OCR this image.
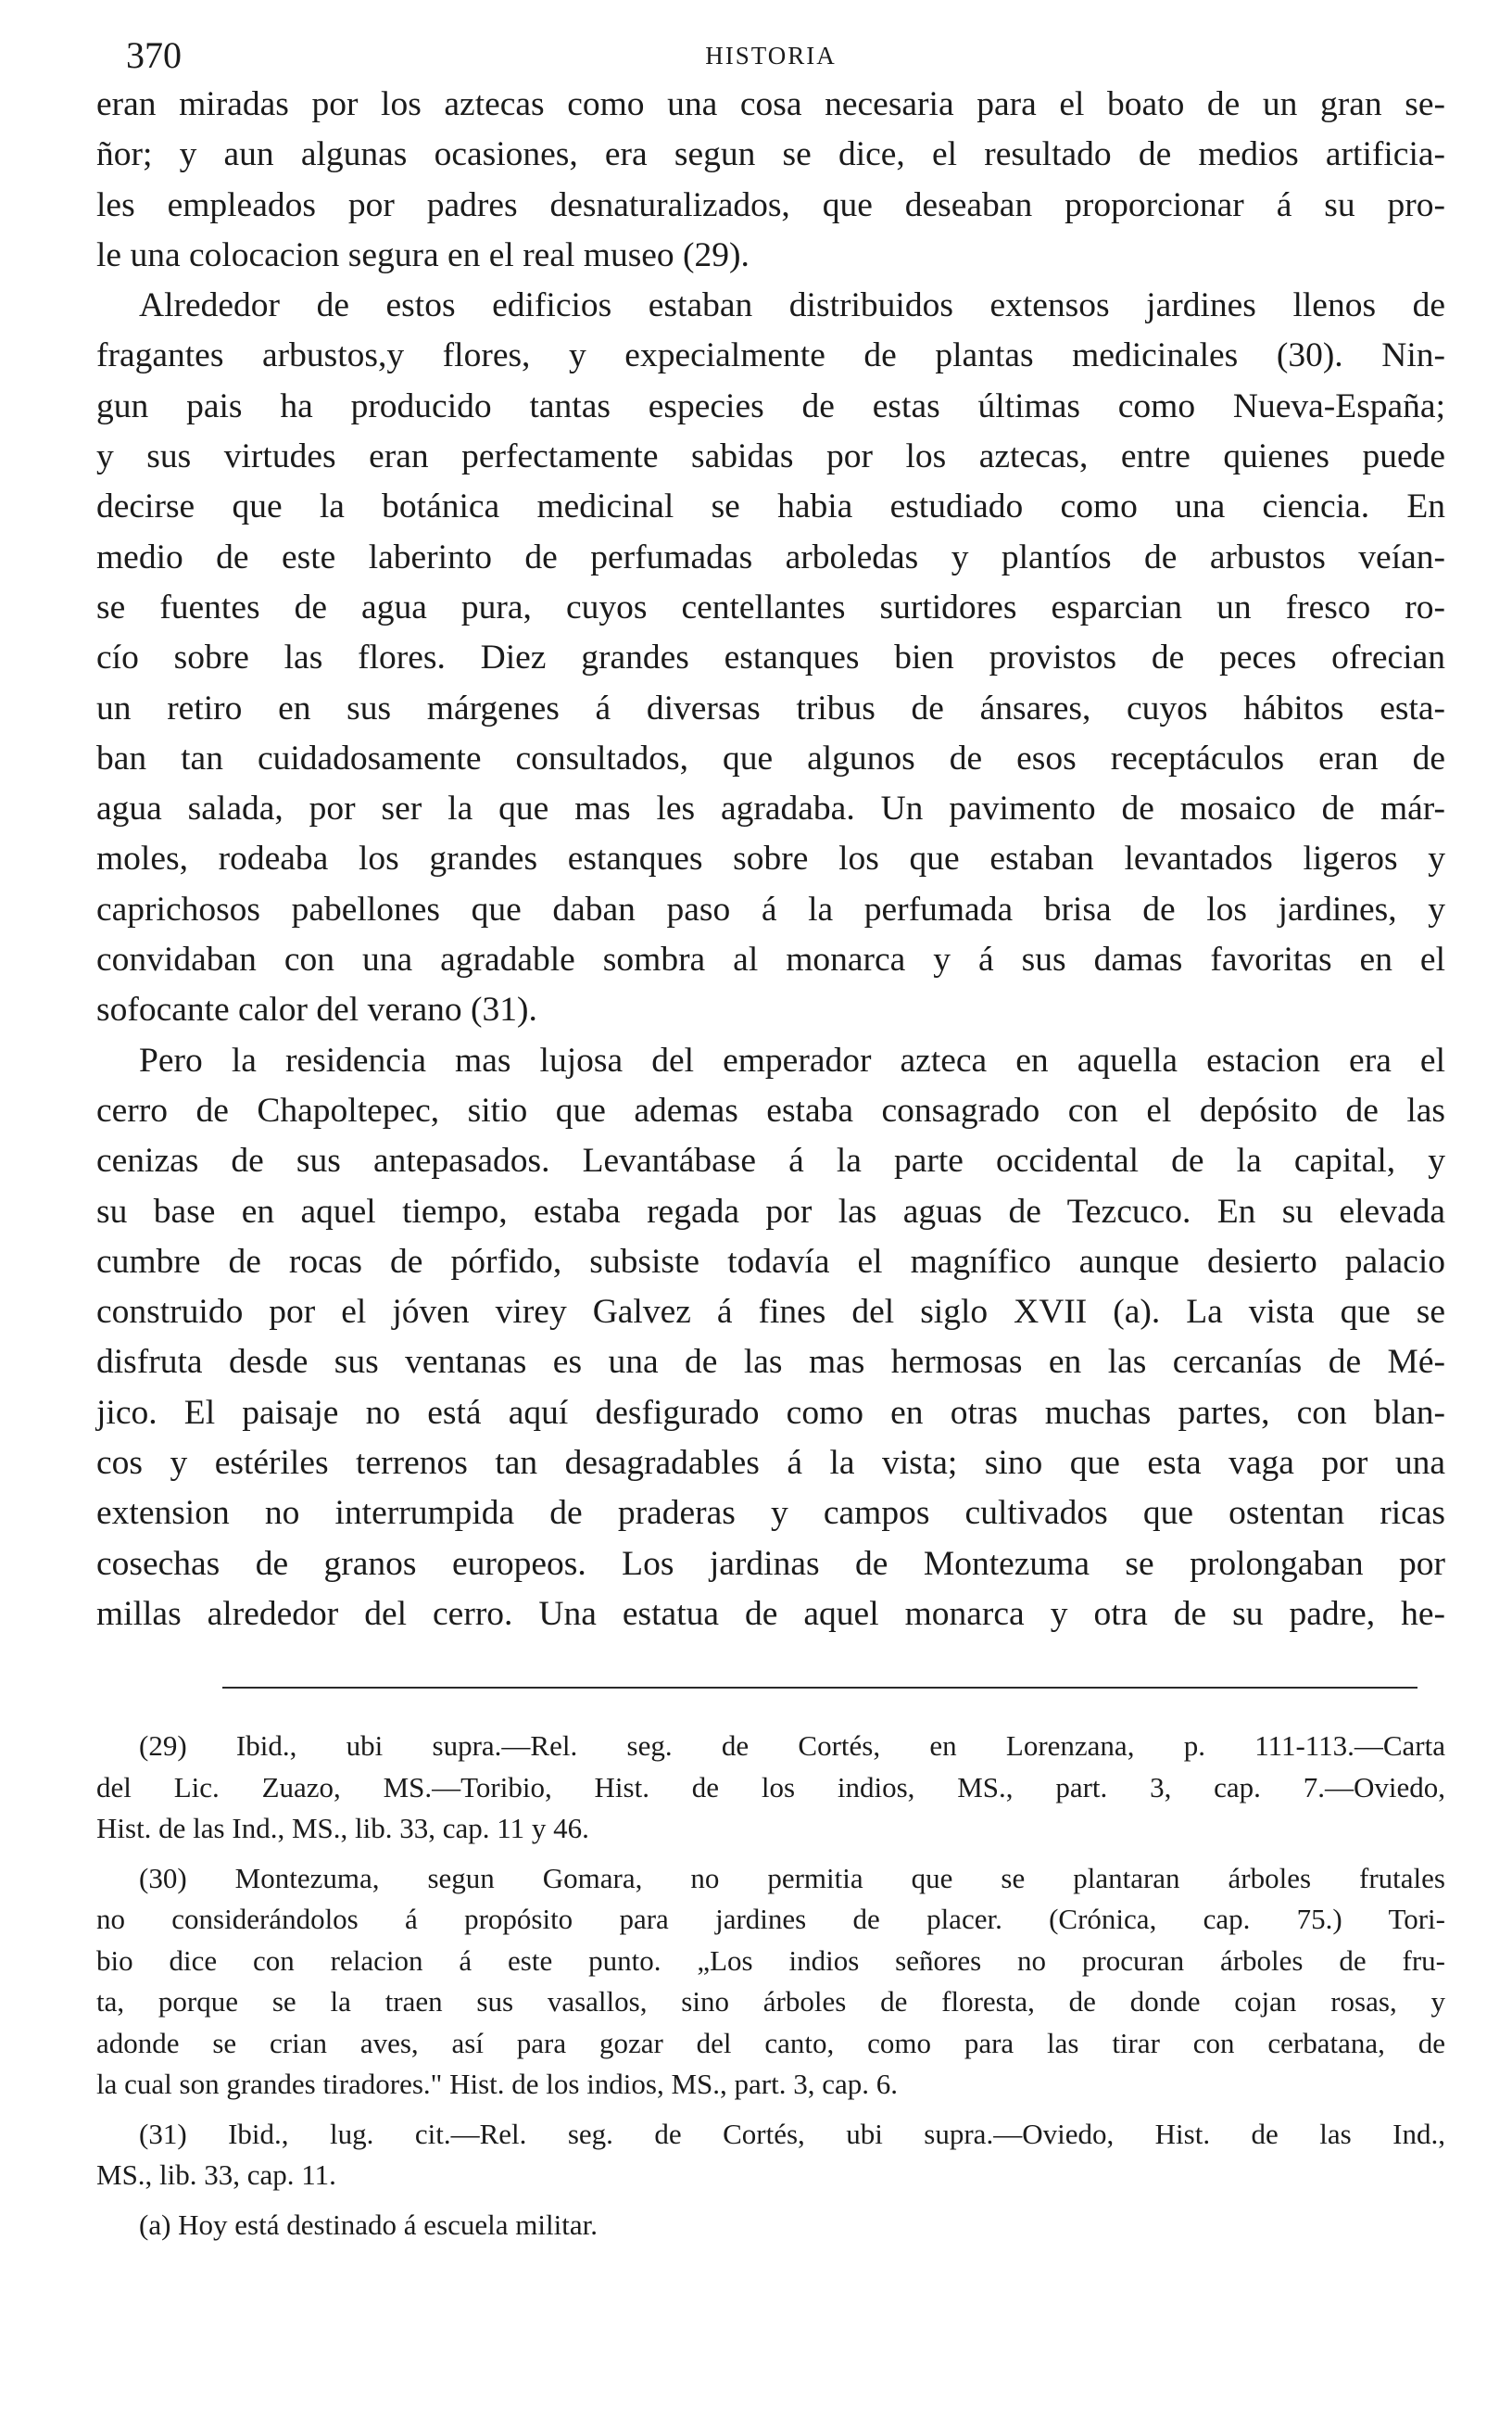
370	HISTORIA

eran miradas por los aztecas como una cosa necesaria para el boato de un gran se-

ñor; y aun algunas ocasiones, era segun se dice, el resultado de medios artificia-

les empleados por padres desnaturalizados, que deseaban proporcionar á su pro-

le una colocacion segura en el real museo (29).

Alrededor de estos edificios estaban distribuidos extensos jardines llenos de

fragantes arbustos,y flores, y expecialmente de plantas medicinales (30). Nin-

gun pais ha producido tantas especies de estas últimas como Nueva-España;

y sus virtudes eran perfectamente sabidas por los aztecas, entre quienes puede

decirse que la botánica medicinal se habia estudiado como una ciencia. En

medio de este laberinto de perfumadas arboledas y plantíos de arbustos veían-

se fuentes de agua pura, cuyos centellantes surtidores esparcian un fresco ro-

cío sobre las flores. Diez grandes estanques bien provistos de peces ofrecian

un retiro en sus márgenes á diversas tribus de ánsares, cuyos hábitos esta-

ban tan cuidadosamente consultados, que algunos de esos receptáculos eran de

agua salada, por ser la que mas les agradaba. Un pavimento de mosaico de már-

moles, rodeaba los grandes estanques sobre los que estaban levantados ligeros y

caprichosos pabellones que daban paso á la perfumada brisa de los jardines, y

convidaban con una agradable sombra al monarca y á sus damas favoritas en el

sofocante calor del verano (31).

Pero la residencia mas lujosa del emperador azteca en aquella estacion era el

cerro de Chapoltepec, sitio que ademas estaba consagrado con el depósito de las

cenizas de sus antepasados. Levantábase á la parte occidental de la capital, y

su base en aquel tiempo, estaba regada por las aguas de Tezcuco. En su elevada

cumbre de rocas de pórfido, subsiste todavía el magnífico aunque desierto palacio

construido por el jóven virey Galvez á fines del siglo XVII (a). La vista que se

disfruta desde sus ventanas es una de las mas hermosas en las cercanías de Mé-

jico. El paisaje no está aquí desfigurado como en otras muchas partes, con blan-

cos y estériles terrenos tan desagradables á la vista; sino que esta vaga por una

extension no interrumpida de praderas y campos cultivados que ostentan ricas

cosechas de granos europeos. Los jardinas de Montezuma se prolongaban por

millas alrededor del cerro. Una estatua de aquel monarca y otra de su padre, he-

(29) Ibid., ubi supra.—Rel. seg. de Cortés, en Lorenzana, p. 111-113.—Carta

del Lic. Zuazo, MS.—Toribio, Hist. de los indios, MS., part. 3, cap. 7.—Oviedo,

Hist. de las Ind., MS., lib. 33, cap. 11 y 46.

(30) Montezuma, segun Gomara, no permitia que se plantaran árboles frutales

no considerándolos á propósito para jardines de placer. (Crónica, cap. 75.) Tori-

bio dice con relacion á este punto. „Los indios señores no procuran árboles de fru-

ta, porque se la traen sus vasallos, sino árboles de floresta, de donde cojan rosas, y

adonde se crian aves, así para gozar del canto, como para las tirar con cerbatana, de

la cual son grandes tiradores." Hist. de los indios, MS., part. 3, cap. 6.

(31) Ibid., lug. cit.—Rel. seg. de Cortés, ubi supra.—Oviedo, Hist. de las Ind.,

MS., lib. 33, cap. 11.

(a) Hoy está destinado á escuela militar.
